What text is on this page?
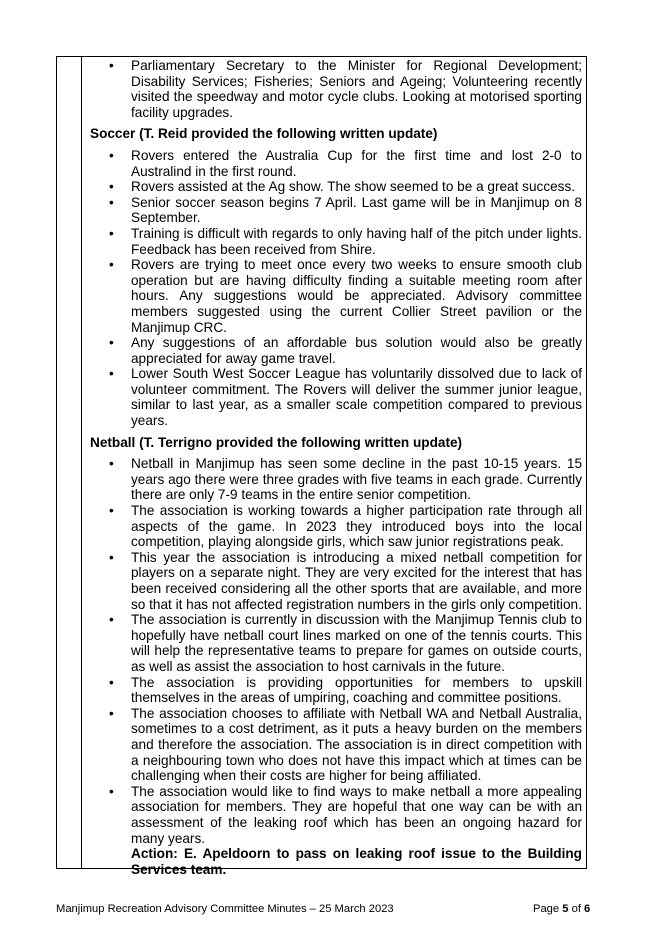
• Parliamentary Secretary to the Minister for Regional Development; Disability Services; Fisheries; Seniors and Ageing; Volunteering recently visited the speedway and motor cycle clubs. Looking at motorised sporting facility upgrades.
Soccer (T. Reid provided the following written update)
• Rovers entered the Australia Cup for the first time and lost 2-0 to Australind in the first round.
• Rovers assisted at the Ag show. The show seemed to be a great success.
• Senior soccer season begins 7 April. Last game will be in Manjimup on 8 September.
• Training is difficult with regards to only having half of the pitch under lights. Feedback has been received from Shire.
• Rovers are trying to meet once every two weeks to ensure smooth club operation but are having difficulty finding a suitable meeting room after hours. Any suggestions would be appreciated. Advisory committee members suggested using the current Collier Street pavilion or the Manjimup CRC.
• Any suggestions of an affordable bus solution would also be greatly appreciated for away game travel.
• Lower South West Soccer League has voluntarily dissolved due to lack of volunteer commitment. The Rovers will deliver the summer junior league, similar to last year, as a smaller scale competition compared to previous years.
Netball (T. Terrigno provided the following written update)
• Netball in Manjimup has seen some decline in the past 10-15 years. 15 years ago there were three grades with five teams in each grade. Currently there are only 7-9 teams in the entire senior competition.
• The association is working towards a higher participation rate through all aspects of the game. In 2023 they introduced boys into the local competition, playing alongside girls, which saw junior registrations peak.
• This year the association is introducing a mixed netball competition for players on a separate night. They are very excited for the interest that has been received considering all the other sports that are available, and more so that it has not affected registration numbers in the girls only competition.
• The association is currently in discussion with the Manjimup Tennis club to hopefully have netball court lines marked on one of the tennis courts. This will help the representative teams to prepare for games on outside courts, as well as assist the association to host carnivals in the future.
• The association is providing opportunities for members to upskill themselves in the areas of umpiring, coaching and committee positions.
• The association chooses to affiliate with Netball WA and Netball Australia, sometimes to a cost detriment, as it puts a heavy burden on the members and therefore the association. The association is in direct competition with a neighbouring town who does not have this impact which at times can be challenging when their costs are higher for being affiliated.
• The association would like to find ways to make netball a more appealing association for members. They are hopeful that one way can be with an assessment of the leaking roof which has been an ongoing hazard for many years.
Action: E. Apeldoorn to pass on leaking roof issue to the Building Services team.
Manjimup Recreation Advisory Committee Minutes – 25 March 2023	Page 5 of 6
